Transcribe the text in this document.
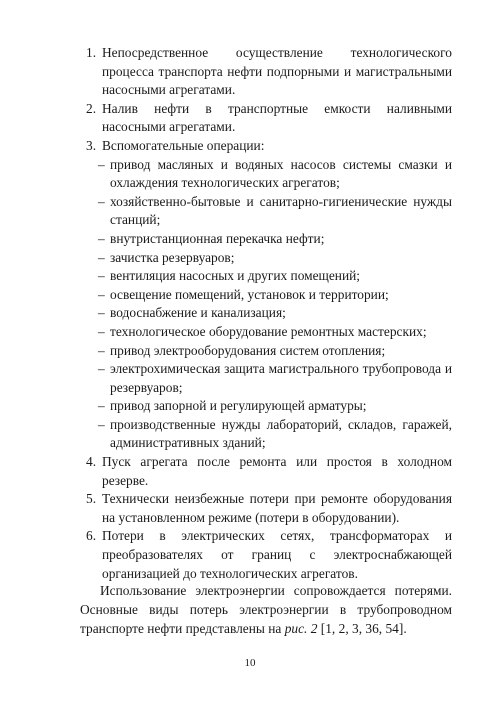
1. Непосредственное осуществление технологического процесса транспорта нефти подпорными и магистральными насосными агрегатами.
2. Налив нефти в транспортные емкости наливными насосными агрегатами.
3. Вспомогательные операции:
– привод масляных и водяных насосов системы смазки и охлаждения технологических агрегатов;
– хозяйственно-бытовые и санитарно-гигиенические нужды станций;
– внутристанционная перекачка нефти;
– зачистка резервуаров;
– вентиляция насосных и других помещений;
– освещение помещений, установок и территории;
– водоснабжение и канализация;
– технологическое оборудование ремонтных мастерских;
– привод электрооборудования систем отопления;
– электрохимическая защита магистрального трубопровода и резервуаров;
– привод запорной и регулирующей арматуры;
– производственные нужды лабораторий, складов, гаражей, административных зданий;
4. Пуск агрегата после ремонта или простоя в холодном резерве.
5. Технически неизбежные потери при ремонте оборудования на установленном режиме (потери в оборудовании).
6. Потери в электрических сетях, трансформаторах и преобразователях от границ с электроснабжающей организацией до технологических агрегатов.

Использование электроэнергии сопровождается потерями. Основные виды потерь электроэнергии в трубопроводном транспорте нефти представлены на рис. 2 [1, 2, 3, 36, 54].

10
